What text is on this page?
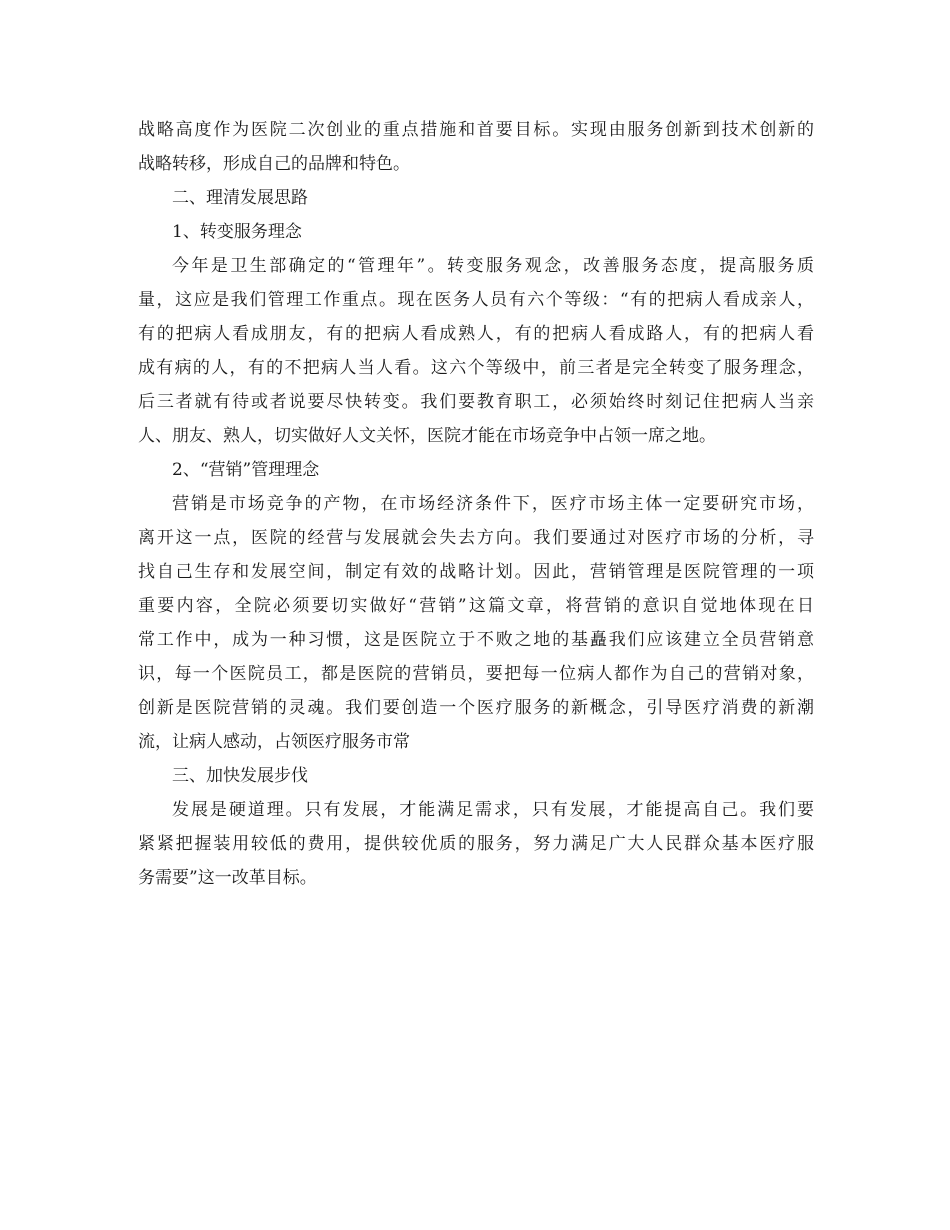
战略高度作为医院二次创业的重点措施和首要目标。实现由服务创新到技术创新的
战略转移，形成自己的品牌和特色。
二、理清发展思路
1、转变服务理念
今年是卫生部确定的“管理年”。转变服务观念，改善服务态度，提高服务质
量，这应是我们管理工作重点。现在医务人员有六个等级：“有的把病人看成亲人，
有的把病人看成朋友，有的把病人看成熟人，有的把病人看成路人，有的把病人看
成有病的人，有的不把病人当人看。这六个等级中，前三者是完全转变了服务理念，
后三者就有待或者说要尽快转变。我们要教育职工，必须始终时刻记住把病人当亲
人、朋友、熟人，切实做好人文关怀，医院才能在市场竞争中占领一席之地。
2、“营销”管理理念
营销是市场竞争的产物，在市场经济条件下，医疗市场主体一定要研究市场，
离开这一点，医院的经营与发展就会失去方向。我们要通过对医疗市场的分析，寻
找自己生存和发展空间，制定有效的战略计划。因此，营销管理是医院管理的一项
重要内容，全院必须要切实做好“营销”这篇文章，将营销的意识自觉地体现在日
常工作中，成为一种习惯，这是医院立于不败之地的基矗我们应该建立全员营销意
识，每一个医院员工，都是医院的营销员，要把每一位病人都作为自己的营销对象，
创新是医院营销的灵魂。我们要创造一个医疗服务的新概念，引导医疗消费的新潮
流，让病人感动，占领医疗服务市常
三、加快发展步伐
发展是硬道理。只有发展，才能满足需求，只有发展，才能提高自己。我们要
紧紧把握装用较低的费用，提供较优质的服务，努力满足广大人民群众基本医疗服
务需要”这一改革目标。
